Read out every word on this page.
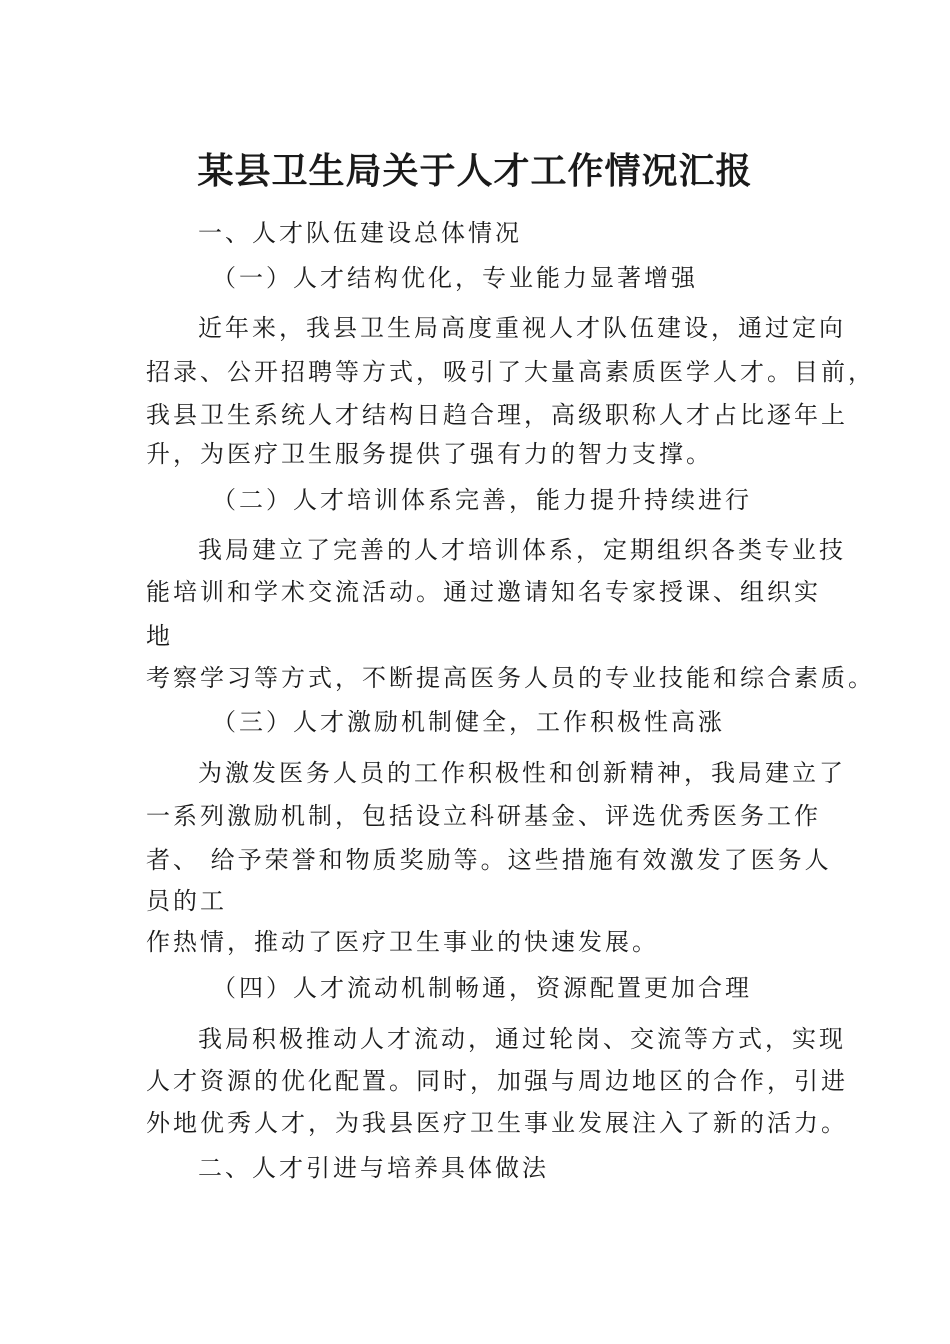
某县卫生局关于人才工作情况汇报
一、人才队伍建设总体情况
（一）人才结构优化，专业能力显著增强
近年来，我县卫生局高度重视人才队伍建设，通过定向
招录、公开招聘等方式，吸引了大量高素质医学人才。目前，
我县卫生系统人才结构日趋合理，高级职称人才占比逐年上
升，为医疗卫生服务提供了强有力的智力支撑。
（二）人才培训体系完善，能力提升持续进行
我局建立了完善的人才培训体系，定期组织各类专业技
能培训和学术交流活动。通过邀请知名专家授课、组织实
地
考察学习等方式，不断提高医务人员的专业技能和综合素质。
（三）人才激励机制健全，工作积极性高涨
为激发医务人员的工作积极性和创新精神，我局建立了
一系列激励机制，包括设立科研基金、评选优秀医务工作
者、 给予荣誉和物质奖励等。这些措施有效激发了医务人
员的工
作热情，推动了医疗卫生事业的快速发展。
（四）人才流动机制畅通，资源配置更加合理
我局积极推动人才流动，通过轮岗、交流等方式，实现
人才资源的优化配置。同时，加强与周边地区的合作，引进
外地优秀人才，为我县医疗卫生事业发展注入了新的活力。
二、人才引进与培养具体做法
